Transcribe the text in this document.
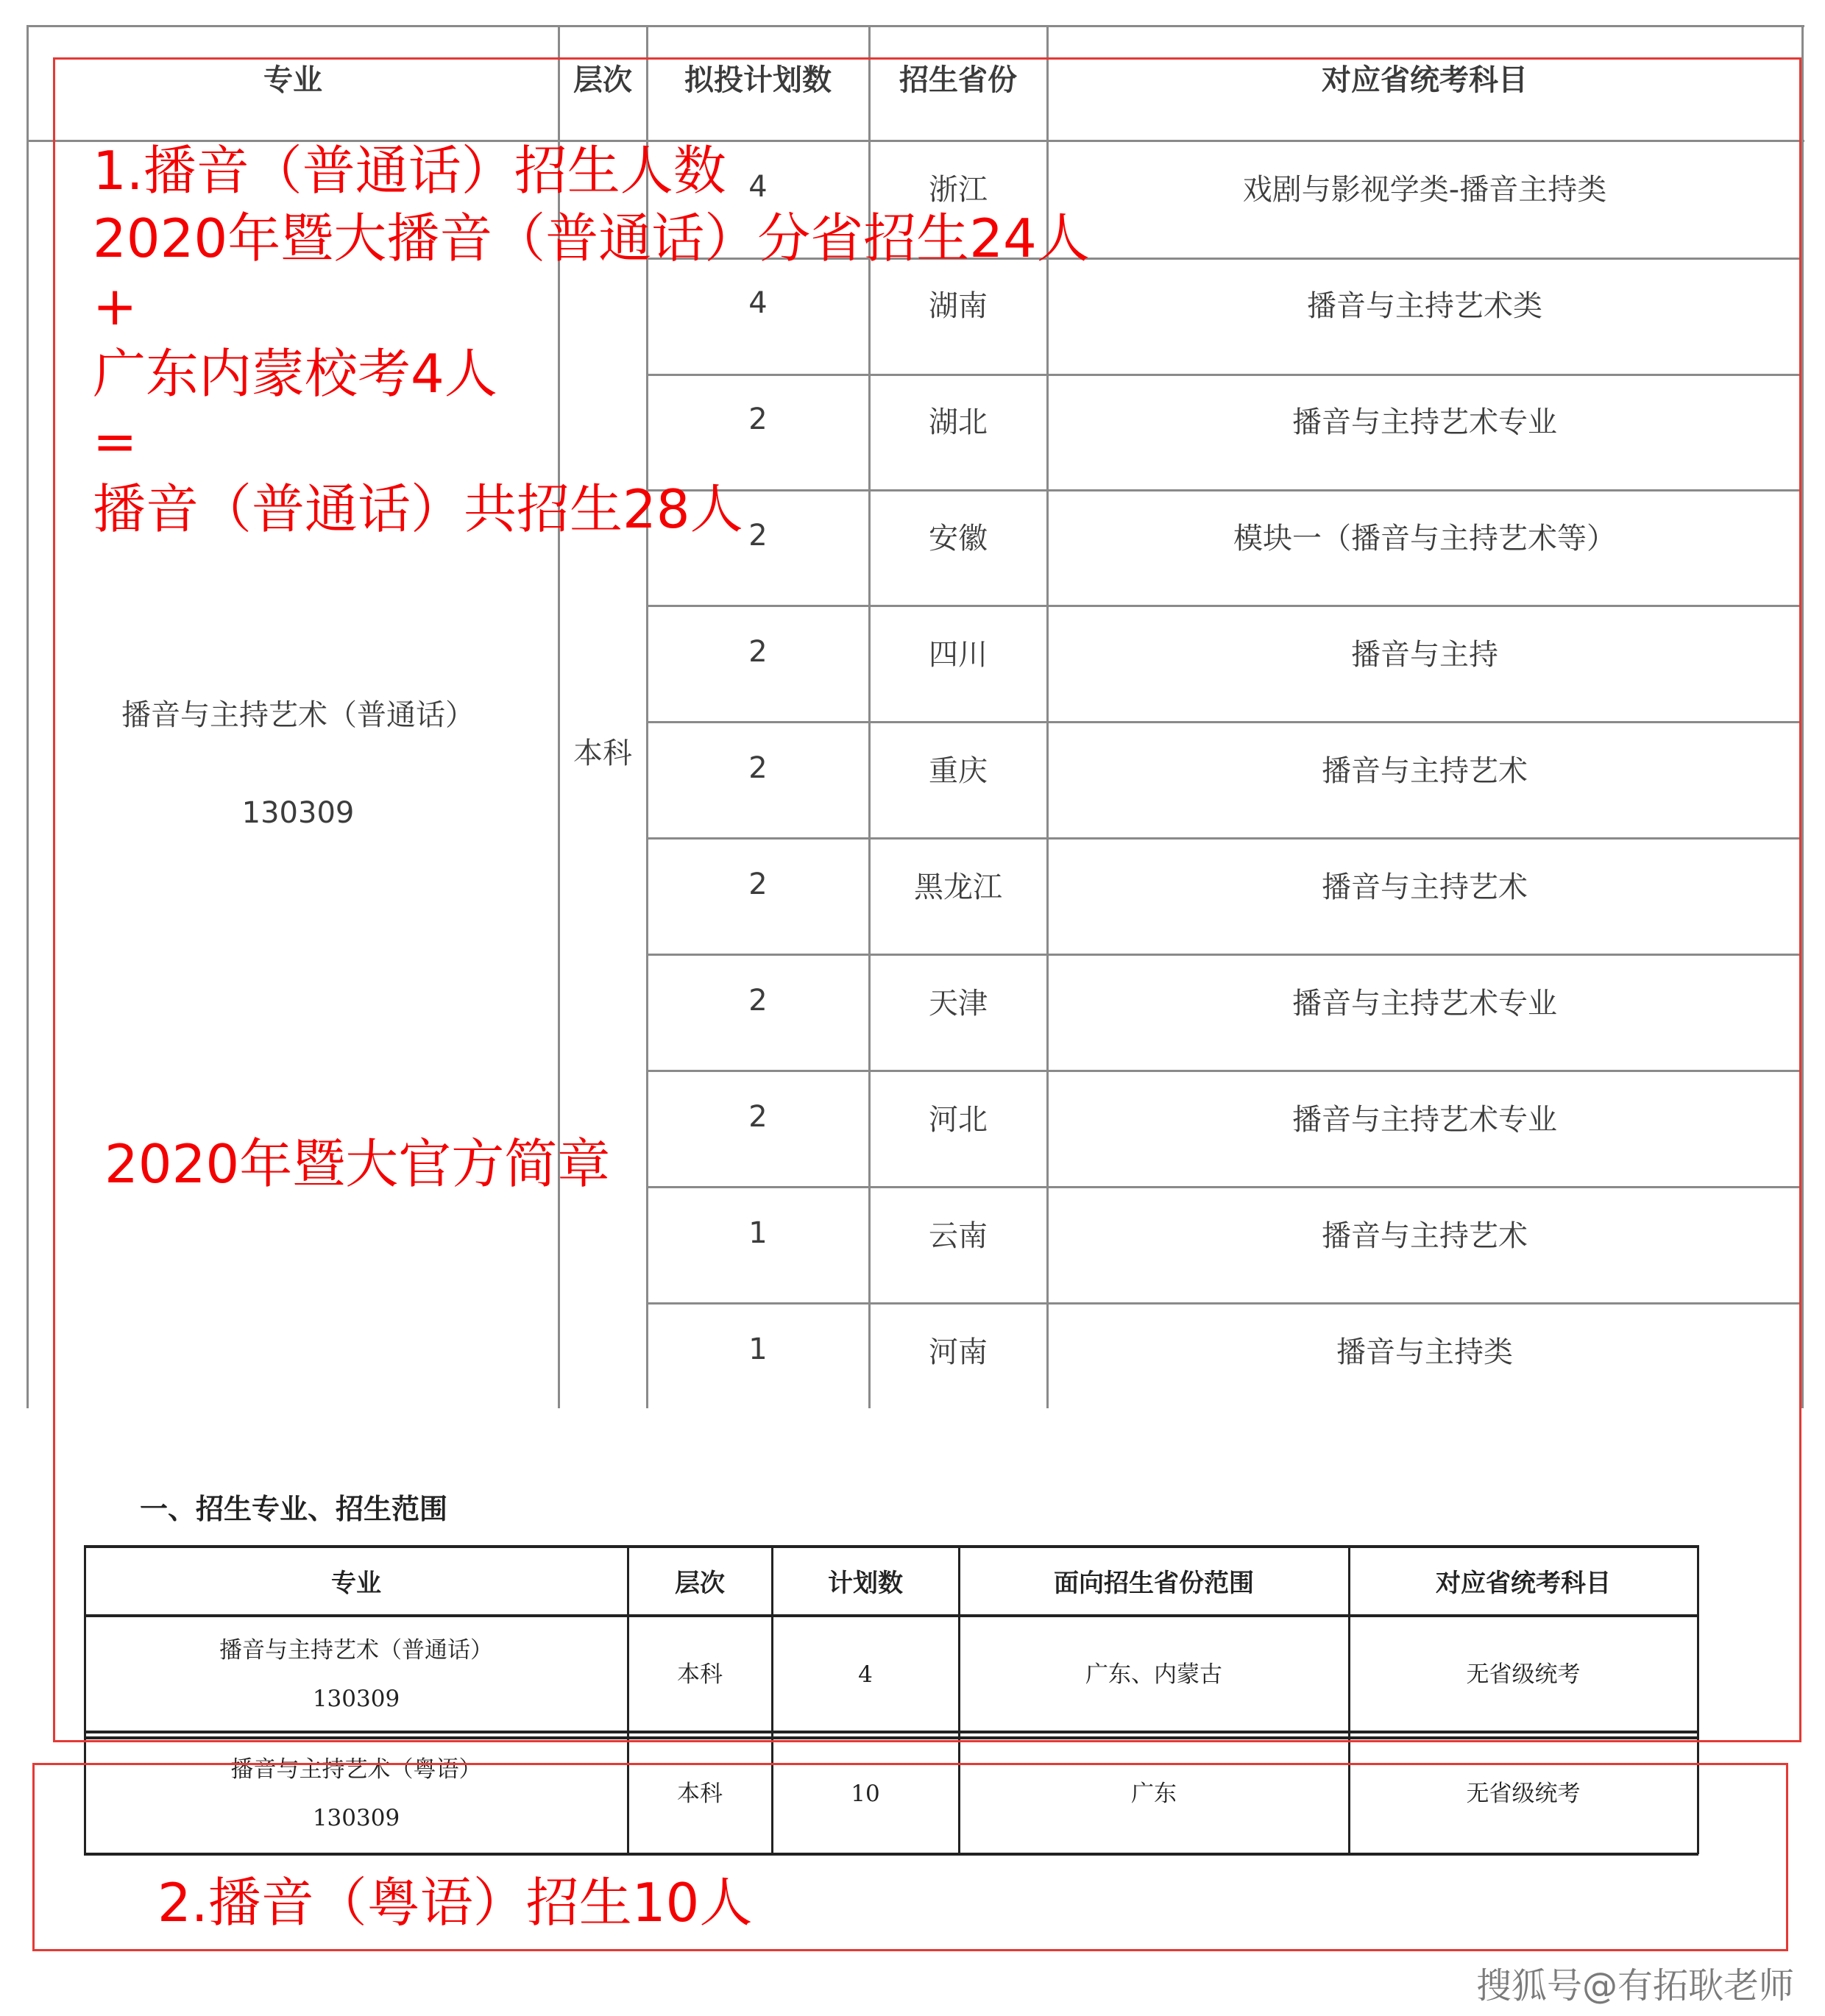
专业	层次	拟投计划数	招生省份	对应省统考科目
播音与主持艺术（普通话）
130309
本科
4	浙江	戏剧与影视学类-播音主持类
4	湖南	播音与主持艺术类
2	湖北	播音与主持艺术专业
2	安徽	模块一（播音与主持艺术等）
2	四川	播音与主持
2	重庆	播音与主持艺术
2	黑龙江	播音与主持艺术
2	天津	播音与主持艺术专业
2	河北	播音与主持艺术专业
1	云南	播音与主持艺术
1	河南	播音与主持类
一、招生专业、招生范围
专业	层次	计划数	面向招生省份范围	对应省统考科目
播音与主持艺术（普通话）
130309
本科	4	广东、内蒙古	无省级统考
播音与主持艺术（粤语）
130309
本科	10	广东	无省级统考
1.播音（普通话）招生人数
2020年暨大播音（普通话）分省招生24人
+
广东内蒙校考4人
=
播音（普通话）共招生28人
2020年暨大官方简章
2.播音（粤语）招生10人
搜狐号@有拓耿老师
